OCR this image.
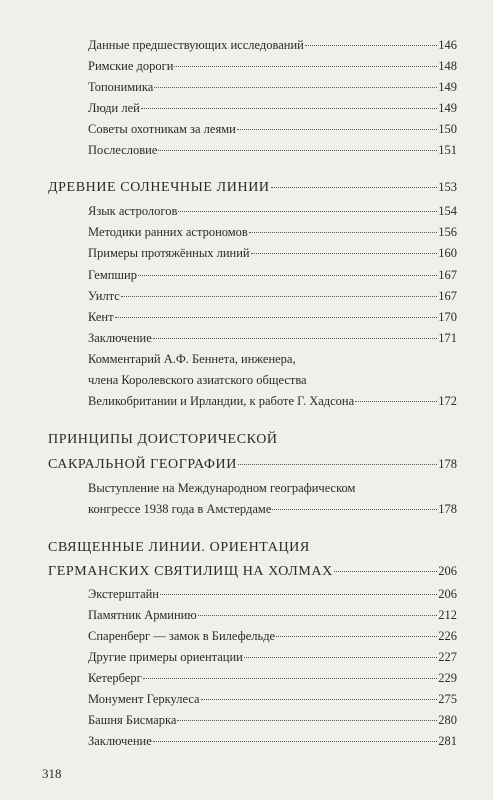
Данные предшествующих исследований	146
Римские дороги	148
Топонимика	149
Люди лей	149
Советы охотникам за леями	150
Послесловие	151
ДРЕВНИЕ СОЛНЕЧНЫЕ ЛИНИИ	153
Язык астрологов	154
Методики ранних астрономов	156
Примеры протяжённых линий	160
Гемпшир	167
Уилтс	167
Кент	170
Заключение	171
Комментарий А.Ф. Беннета, инженера,
члена Королевского азиатского общества
Великобритании и Ирландии, к работе Г. Хадсона	172
ПРИНЦИПЫ ДОИСТОРИЧЕСКОЙ
САКРАЛЬНОЙ ГЕОГРАФИИ	178
Выступление на Международном географическом
конгрессе 1938 года в Амстердаме	178
СВЯЩЕННЫЕ ЛИНИИ. ОРИЕНТАЦИЯ
ГЕРМАНСКИХ СВЯТИЛИЩ НА ХОЛМАХ	206
Экстерштайн	206
Памятник Арминию	212
Спаренберг — замок в Билефельде	226
Другие примеры ориентации	227
Кетерберг	229
Монумент Геркулеса	275
Башня Бисмарка	280
Заключение	281
318
